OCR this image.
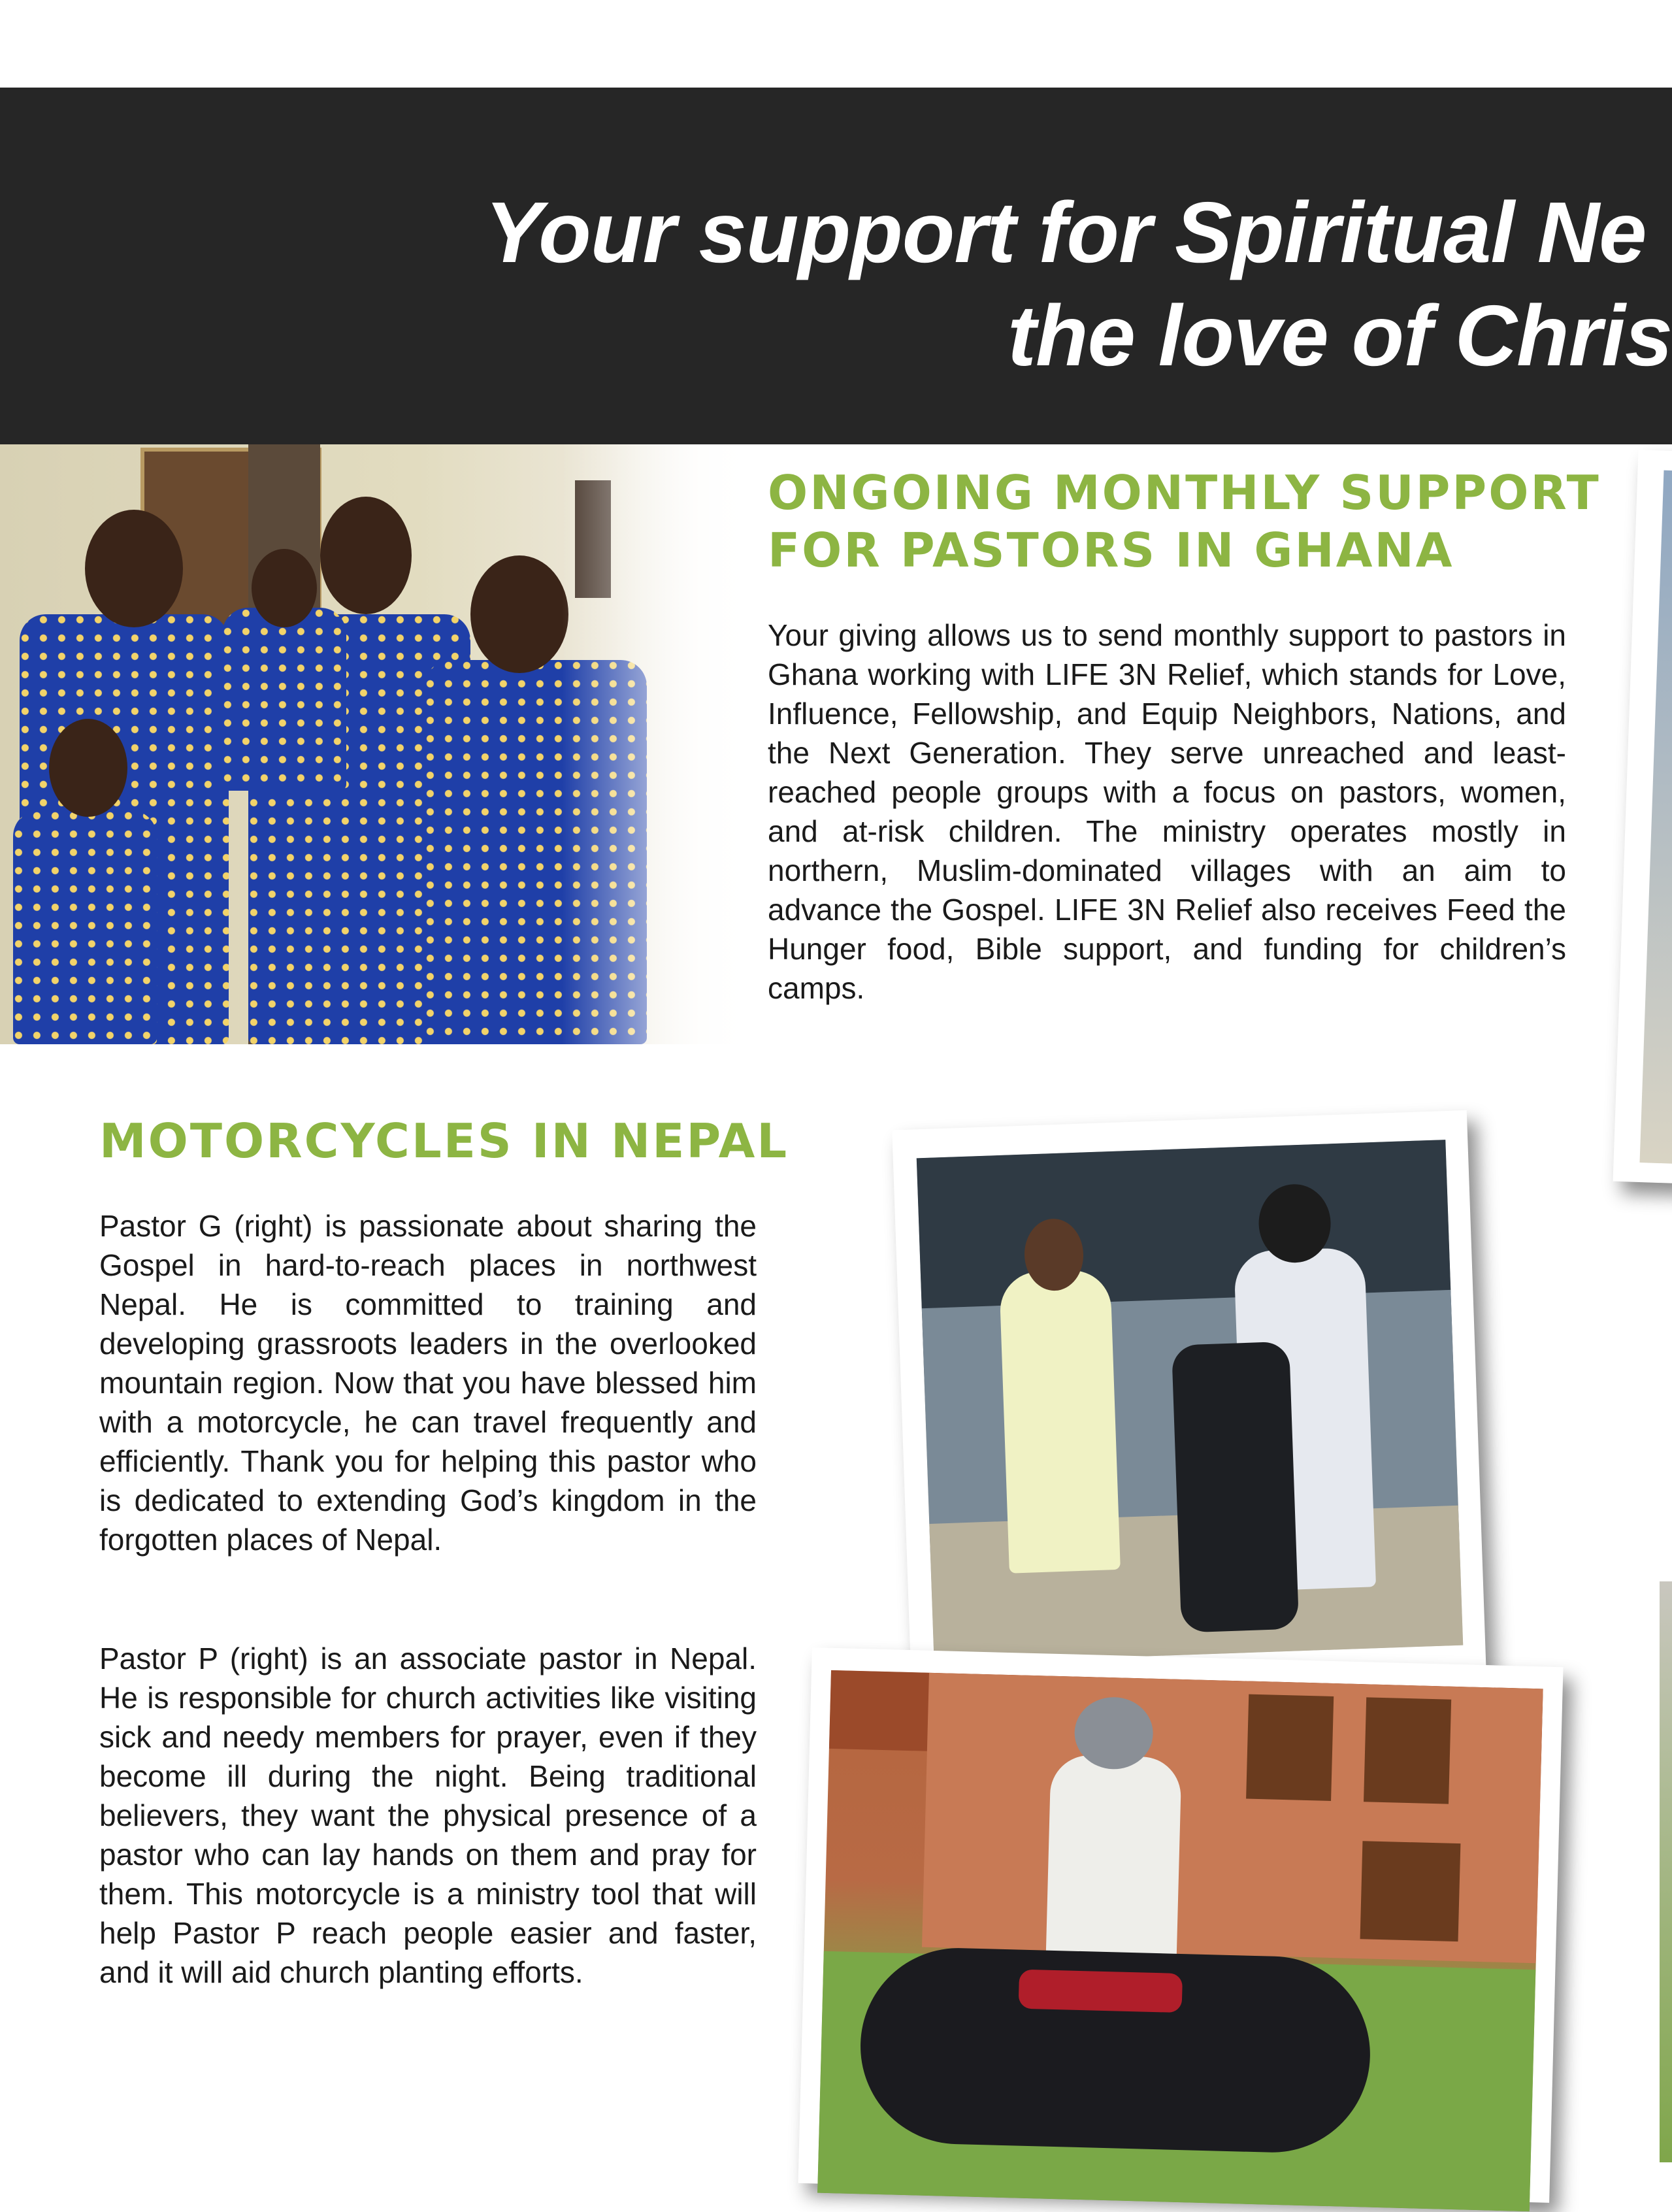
Your support for Spiritual Ne
the love of Chris
ONGOING MONTHLY SUPPORT
FOR PASTORS IN GHANA
Your giving allows us to send monthly support to pastors in Ghana working with LIFE 3N Relief, which stands for Love, Influence, Fellowship, and Equip Neighbors, Nations, and the Next Generation. They serve unreached and least-reached people groups with a focus on pastors, women, and at-risk children. The ministry operates mostly in northern, Muslim-dominated villages with an aim to advance the Gospel. LIFE 3N Relief also receives Feed the Hunger food, Bible support, and funding for children’s camps.
MOTORCYCLES IN NEPAL
Pastor G (right) is passionate about sharing the Gospel in hard-to-reach places in northwest Nepal. He is committed to training and developing grassroots leaders in the overlooked mountain region. Now that you have blessed him with a motorcycle, he can travel frequently and efficiently. Thank you for helping this pastor who is dedicated to extending God’s kingdom in the forgotten places of Nepal.
Pastor P (right) is an associate pastor in Nepal. He is responsible for church activities like visiting sick and needy members for prayer, even if they become ill during the night. Being traditional believers, they want the physical presence of a pastor who can lay hands on them and pray for them. This motorcycle is a ministry tool that will help Pastor P reach people easier and faster, and it will aid church planting efforts.
